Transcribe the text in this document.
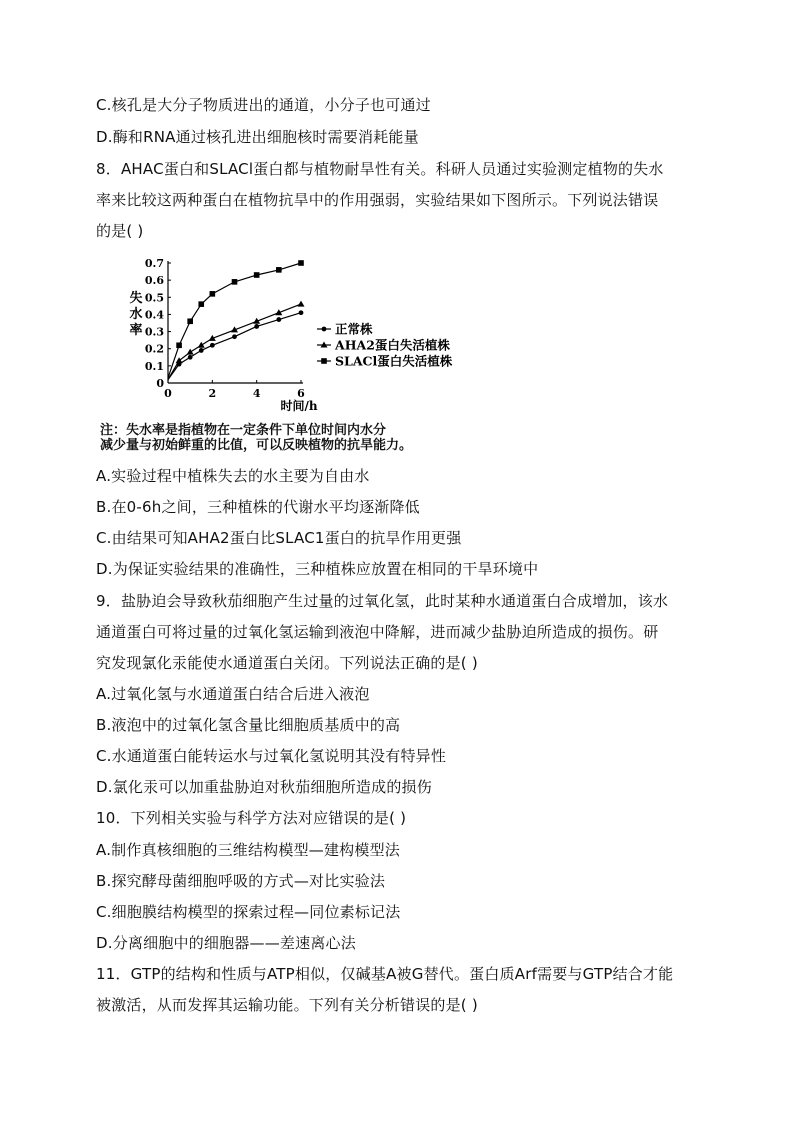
C.核孔是大分子物质进出的通道，小分子也可通过
D.酶和RNA通过核孔进出细胞核时需要消耗能量
8．AHAC蛋白和SLACl蛋白都与植物耐旱性有关。科研人员通过实验测定植物的失水
率来比较这两种蛋白在植物抗旱中的作用强弱，实验结果如下图所示。下列说法错误
的是( )
0
0.1
0.2
0.3
0.4
0.5
0.6
0.7
0	2	4	6
失
水
率
时间/h
正常株
AHA2蛋白失活植株
SLACl蛋白失活植株
注：失水率是指植物在一定条件下单位时间内水分
减少量与初始鲜重的比值，可以反映植物的抗旱能力。
A.实验过程中植株失去的水主要为自由水
B.在0-6h之间，三种植株的代谢水平均逐渐降低
C.由结果可知AHA2蛋白比SLAC1蛋白的抗旱作用更强
D.为保证实验结果的准确性，三种植株应放置在相同的干旱环境中
9．盐胁迫会导致秋茄细胞产生过量的过氧化氢，此时某种水通道蛋白合成增加，该水
通道蛋白可将过量的过氧化氢运输到液泡中降解，进而减少盐胁迫所造成的损伤。研
究发现氯化汞能使水通道蛋白关闭。下列说法正确的是( )
A.过氧化氢与水通道蛋白结合后进入液泡
B.液泡中的过氧化氢含量比细胞质基质中的高
C.水通道蛋白能转运水与过氧化氢说明其没有特异性
D.氯化汞可以加重盐胁迫对秋茄细胞所造成的损伤
10．下列相关实验与科学方法对应错误的是( )
A.制作真核细胞的三维结构模型—建构模型法
B.探究酵母菌细胞呼吸的方式—对比实验法
C.细胞膜结构模型的探索过程—同位素标记法
D.分离细胞中的细胞器——差速离心法
11．GTP的结构和性质与ATP相似，仅碱基A被G替代。蛋白质Arf需要与GTP结合才能
被激活，从而发挥其运输功能。下列有关分析错误的是( )
